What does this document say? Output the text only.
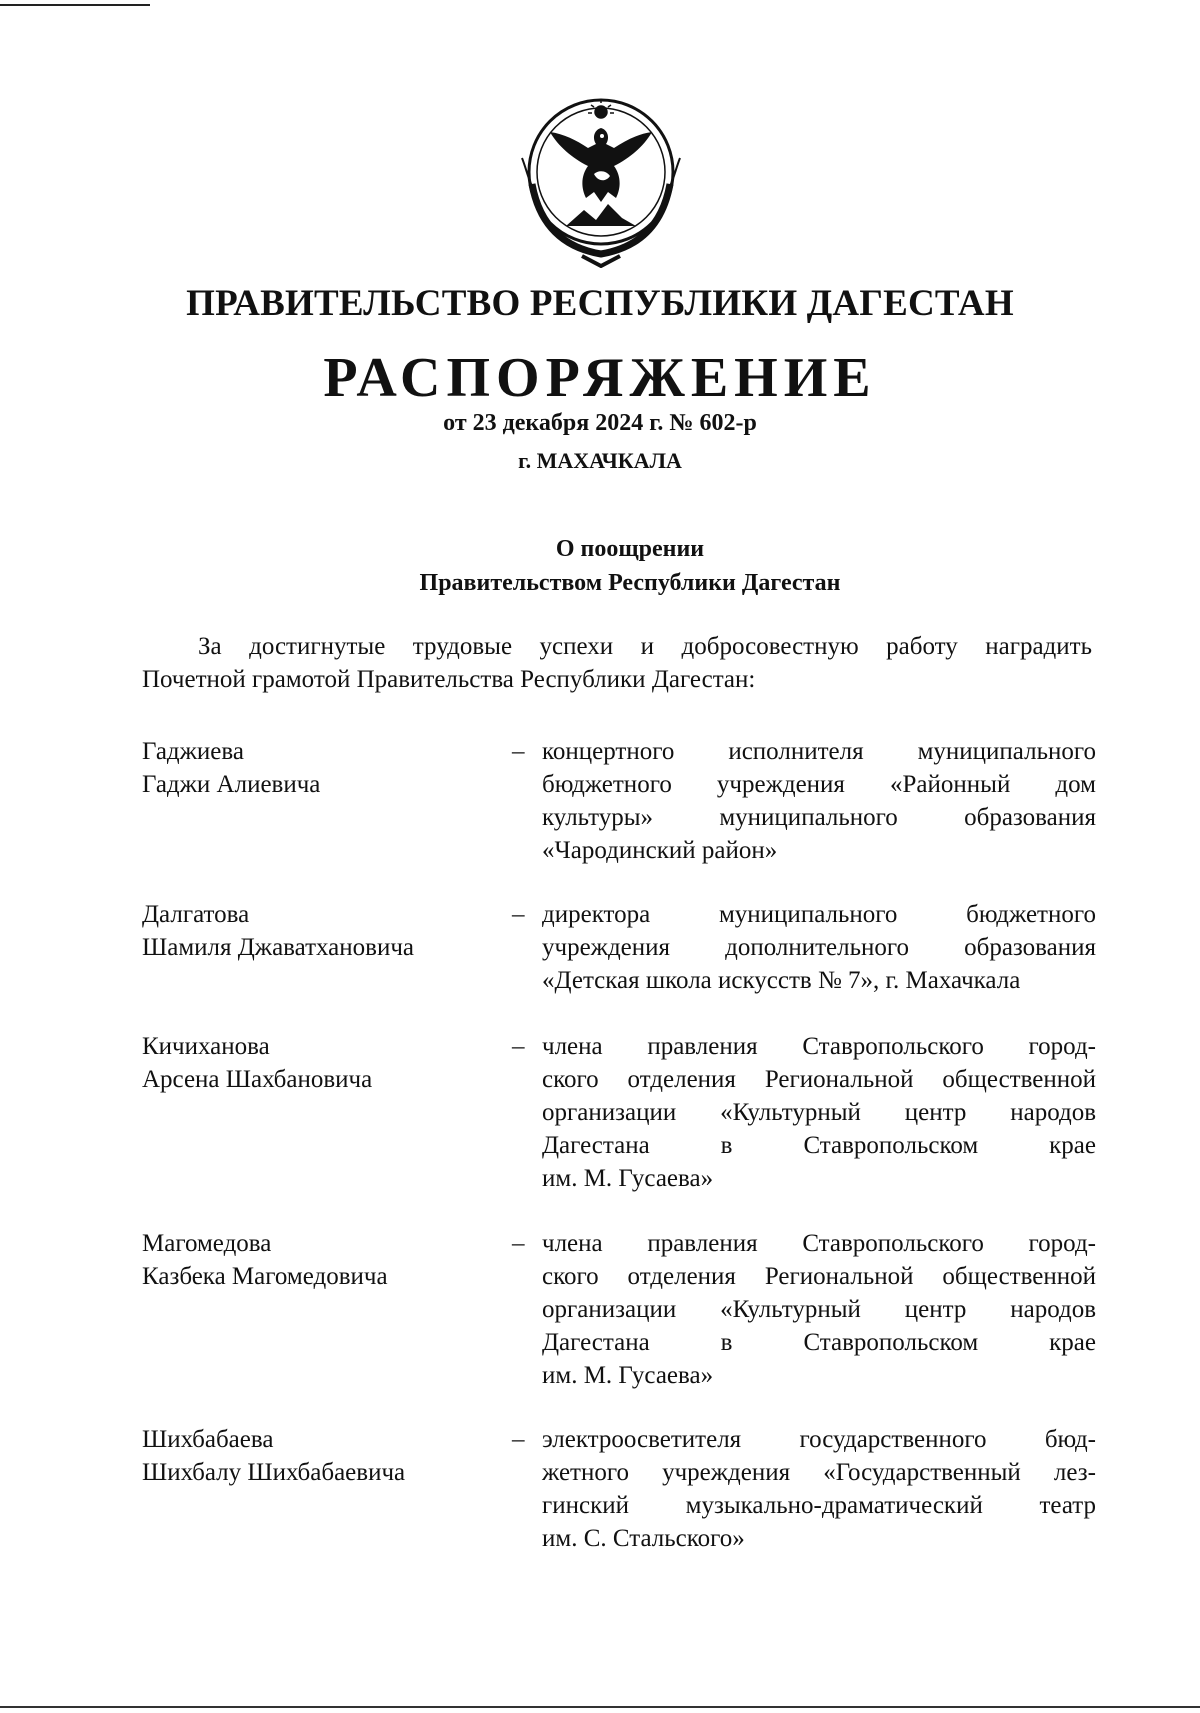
ПРАВИТЕЛЬСТВО РЕСПУБЛИКИ ДАГЕСТАН
РАСПОРЯЖЕНИЕ
от 23 декабря 2024 г. № 602-р
г. МАХАЧКАЛА
О поощрении
Правительством Республики Дагестан
За достигнутые трудовые успехи и добросовестную работу наградить
Почетной грамотой Правительства Республики Дагестан:
Гаджиева
Гаджи Алиевича
– концертного исполнителя муниципального
бюджетного учреждения «Районный дом
культуры» муниципального образования
«Чародинский район»
Далгатова
Шамиля Джаватхановича
– директора муниципального бюджетного
учреждения дополнительного образования
«Детская школа искусств № 7», г. Махачкала
Кичиханова
Арсена Шахбановича
– члена правления Ставропольского город-
ского отделения Региональной общественной
организации «Культурный центр народов
Дагестана в Ставропольском крае
им. М. Гусаева»
Магомедова
Казбека Магомедовича
– члена правления Ставропольского город-
ского отделения Региональной общественной
организации «Культурный центр народов
Дагестана в Ставропольском крае
им. М. Гусаева»
Шихбабаева
Шихбалу Шихбабаевича
– электроосветителя государственного бюд-
жетного учреждения «Государственный лез-
гинский музыкально-драматический театр
им. С. Стальского»
